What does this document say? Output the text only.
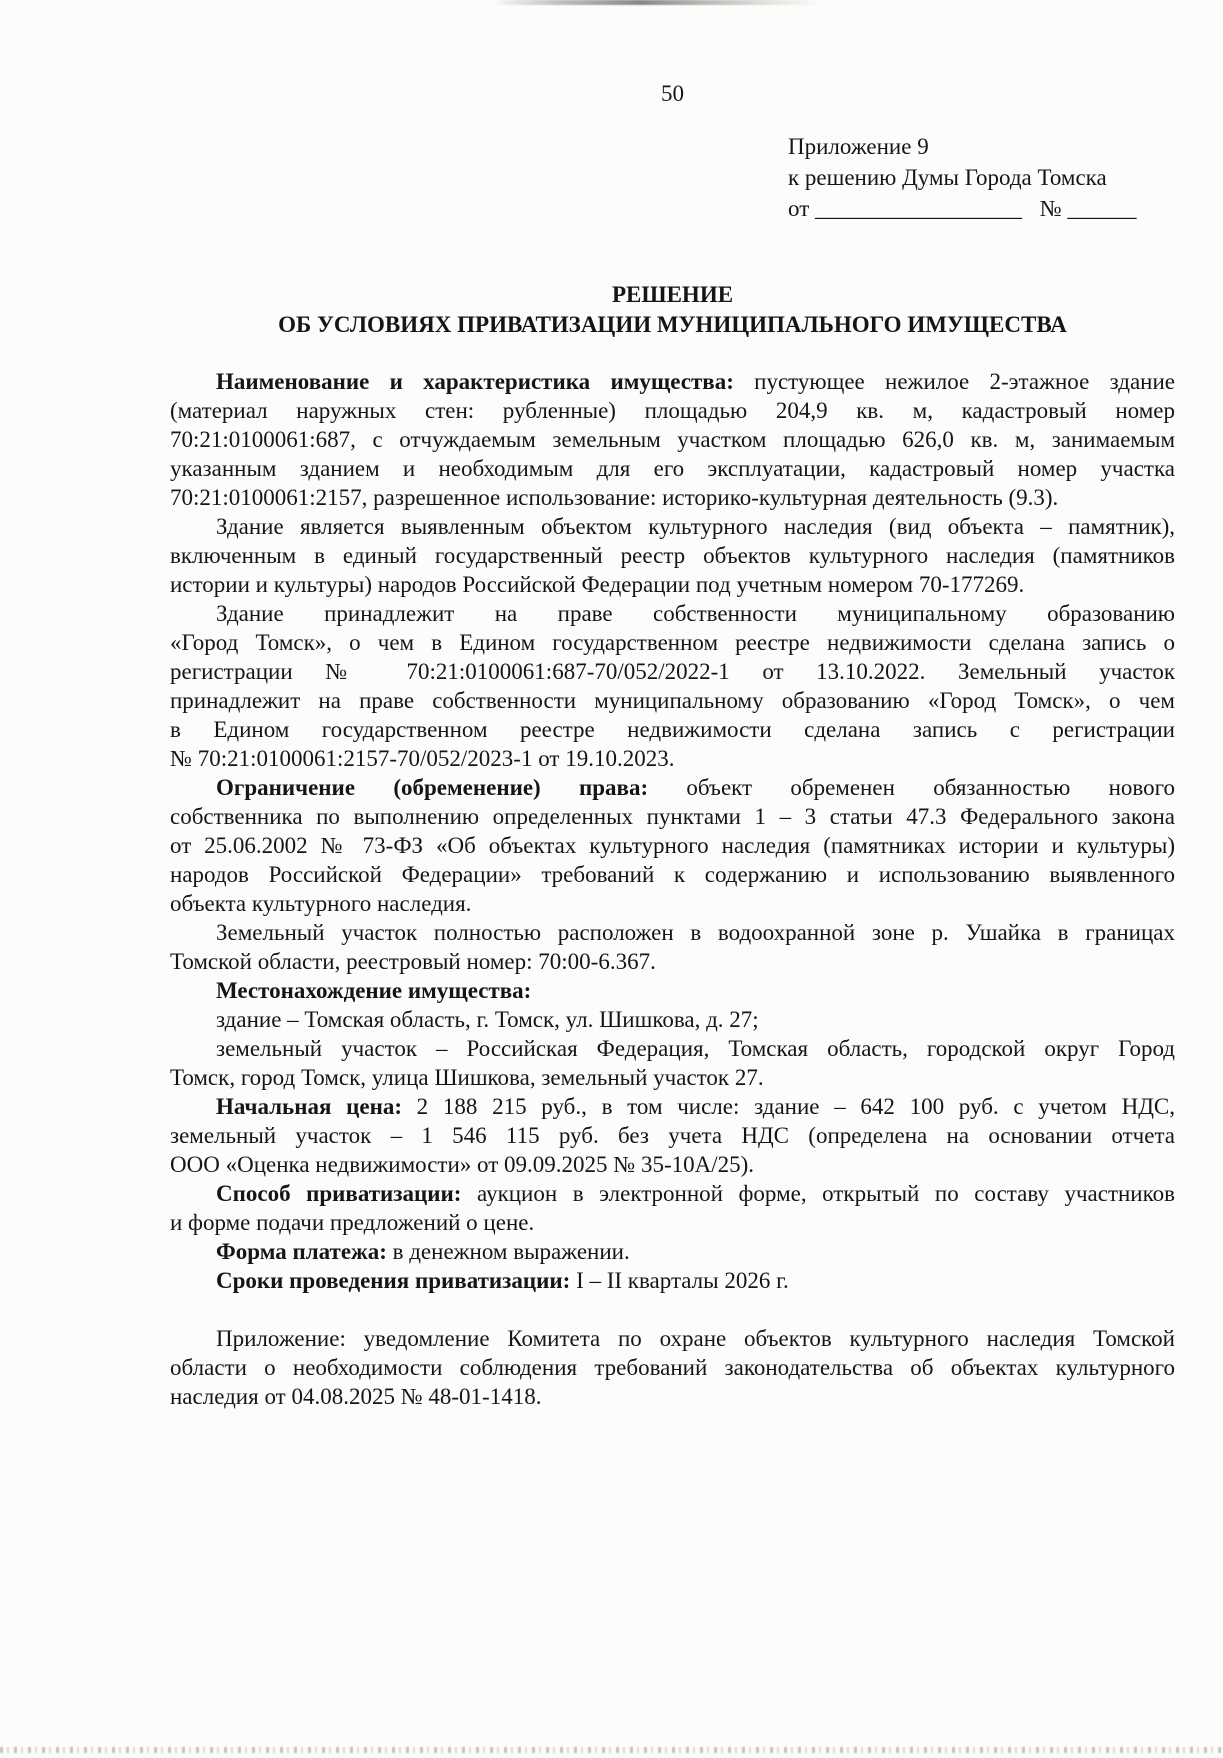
50
Приложение 9
к решению Думы Города Томска
от __________________ № ______
РЕШЕНИЕ
ОБ УСЛОВИЯХ ПРИВАТИЗАЦИИ МУНИЦИПАЛЬНОГО ИМУЩЕСТВА
Наименование и характеристика имущества: пустующее нежилое 2-этажное здание
(материал наружных стен: рубленные) площадью 204,9 кв. м, кадастровый номер
70:21:0100061:687, с отчуждаемым земельным участком площадью 626,0 кв. м, занимаемым
указанным зданием и необходимым для его эксплуатации, кадастровый номер участка
70:21:0100061:2157, разрешенное использование: историко-культурная деятельность (9.3).
Здание является выявленным объектом культурного наследия (вид объекта – памятник),
включенным в единый государственный реестр объектов культурного наследия (памятников
истории и культуры) народов Российской Федерации под учетным номером 70-177269.
Здание принадлежит на праве собственности муниципальному образованию
«Город Томск», о чем в Едином государственном реестре недвижимости сделана запись о
регистрации № 70:21:0100061:687-70/052/2022-1 от 13.10.2022. Земельный участок
принадлежит на праве собственности муниципальному образованию «Город Томск», о чем
в Едином государственном реестре недвижимости сделана запись с регистрации
№ 70:21:0100061:2157-70/052/2023-1 от 19.10.2023.
Ограничение (обременение) права: объект обременен обязанностью нового
собственника по выполнению определенных пунктами 1 – 3 статьи 47.3 Федерального закона
от 25.06.2002 № 73-ФЗ «Об объектах культурного наследия (памятниках истории и культуры)
народов Российской Федерации» требований к содержанию и использованию выявленного
объекта культурного наследия.
Земельный участок полностью расположен в водоохранной зоне р. Ушайка в границах
Томской области, реестровый номер: 70:00-6.367.
Местонахождение имущества:
здание – Томская область, г. Томск, ул. Шишкова, д. 27;
земельный участок – Российская Федерация, Томская область, городской округ Город
Томск, город Томск, улица Шишкова, земельный участок 27.
Начальная цена: 2 188 215 руб., в том числе: здание – 642 100 руб. с учетом НДС,
земельный участок – 1 546 115 руб. без учета НДС (определена на основании отчета
ООО «Оценка недвижимости» от 09.09.2025 № 35-10А/25).
Способ приватизации: аукцион в электронной форме, открытый по составу участников
и форме подачи предложений о цене.
Форма платежа: в денежном выражении.
Сроки проведения приватизации: I – II кварталы 2026 г.
Приложение: уведомление Комитета по охране объектов культурного наследия Томской
области о необходимости соблюдения требований законодательства об объектах культурного
наследия от 04.08.2025 № 48-01-1418.
